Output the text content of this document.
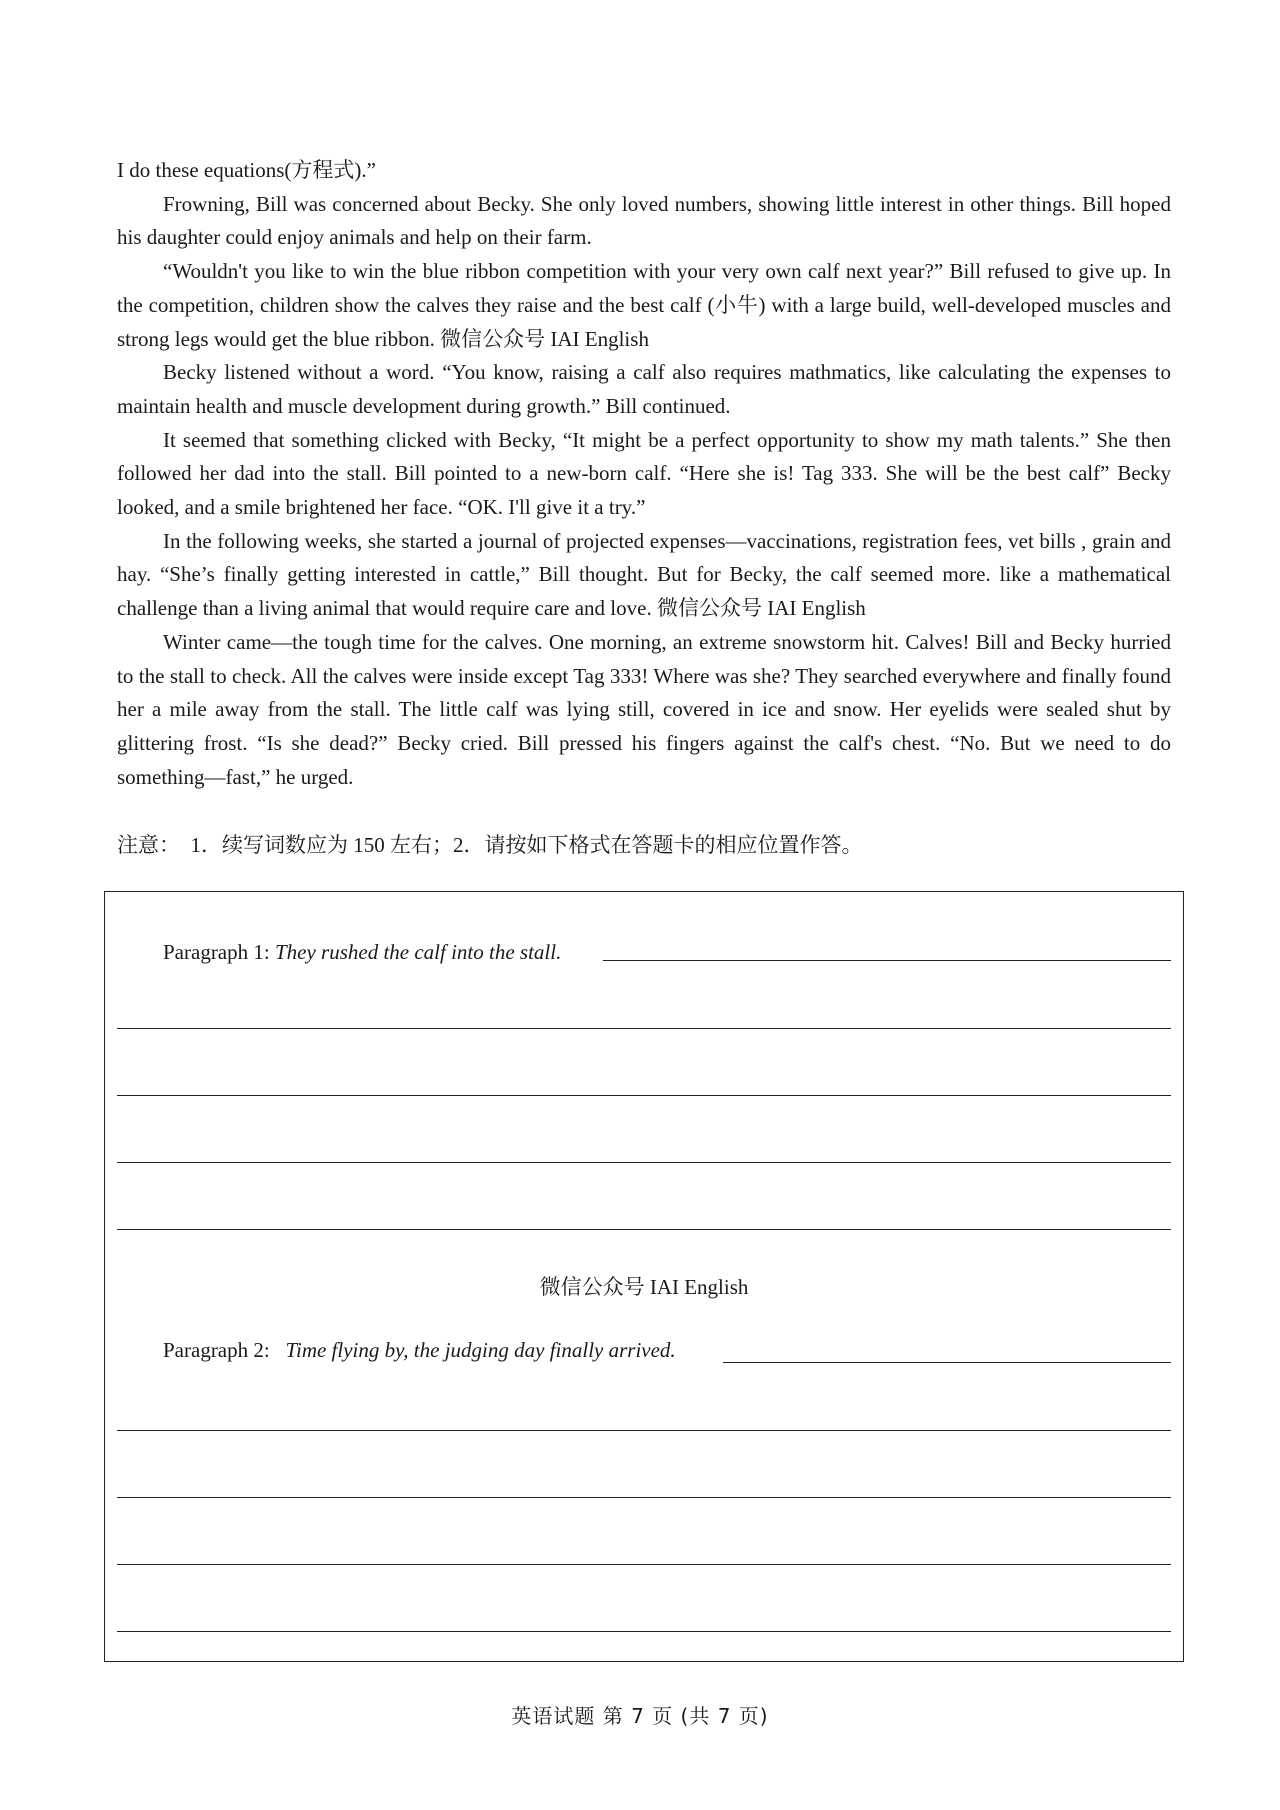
I do these equations(方程式).”

Frowning, Bill was concerned about Becky. She only loved numbers, showing little interest in other things. Bill hoped his daughter could enjoy animals and help on their farm.

“Wouldn't you like to win the blue ribbon competition with your very own calf next year?” Bill refused to give up. In the competition, children show the calves they raise and the best calf (小牛) with a large build, well-developed muscles and strong legs would get the blue ribbon. 微信公众号 IAI English

Becky listened without a word. “You know, raising a calf also requires mathmatics, like calculating the expenses to maintain health and muscle development during growth.” Bill continued.

It seemed that something clicked with Becky, “It might be a perfect opportunity to show my math talents.” She then followed her dad into the stall. Bill pointed to a new-born calf. “Here she is! Tag 333. She will be the best calf” Becky looked, and a smile brightened her face. “OK. I'll give it a try.”

In the following weeks, she started a journal of projected expenses—vaccinations, registration fees, vet bills , grain and hay. “She’s finally getting interested in cattle,” Bill thought. But for Becky, the calf seemed more. like a mathematical challenge than a living animal that would require care and love. 微信公众号 IAI English

Winter came—the tough time for the calves. One morning, an extreme snowstorm hit. Calves! Bill and Becky hurried to the stall to check. All the calves were inside except Tag 333! Where was she? They searched everywhere and finally found her a mile away from the stall. The little calf was lying still, covered in ice and snow. Her eyelids were sealed shut by glittering frost. “Is she dead?” Becky cried. Bill pressed his fingers against the calf's chest. “No. But we need to do something—fast,” he urged.

注意：  1．续写词数应为 150 左右；2．请按如下格式在答题卡的相应位置作答。
Paragraph 1: They rushed the calf into the stall.
微信公众号 IAI English
Paragraph 2:   Time flying by, the judging day finally arrived.
英语试题 第 7 页 (共 7 页)
